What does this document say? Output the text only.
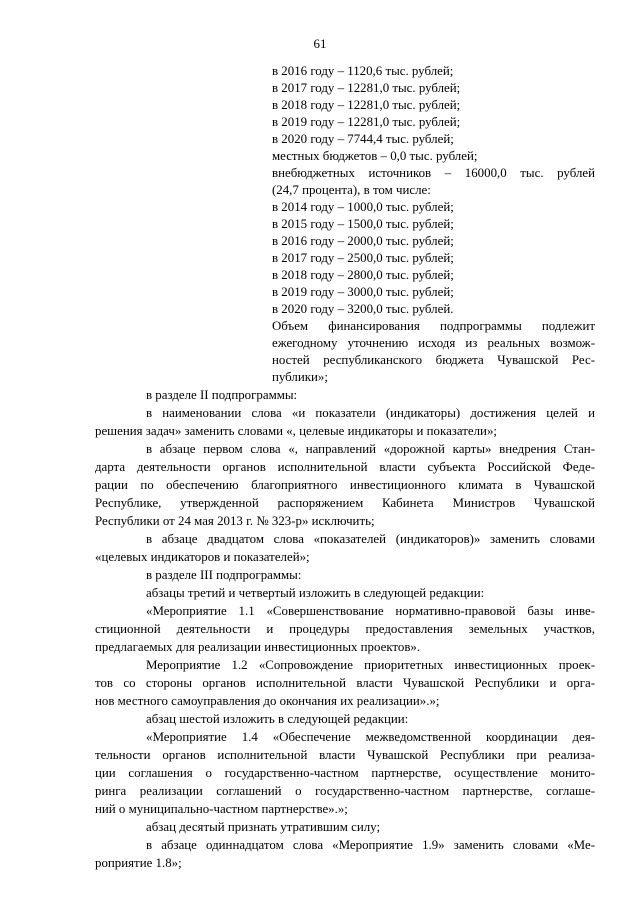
61
в 2016 году – 1120,6 тыс. рублей;
в 2017 году – 12281,0 тыс. рублей;
в 2018 году – 12281,0 тыс. рублей;
в 2019 году – 12281,0 тыс. рублей;
в 2020 году – 7744,4 тыс. рублей;
местных бюджетов – 0,0 тыс. рублей;
внебюджетных источников – 16000,0 тыс. рублей
(24,7 процента), в том числе:
в 2014 году – 1000,0 тыс. рублей;
в 2015 году – 1500,0 тыс. рублей;
в 2016 году – 2000,0 тыс. рублей;
в 2017 году – 2500,0 тыс. рублей;
в 2018 году – 2800,0 тыс. рублей;
в 2019 году – 3000,0 тыс. рублей;
в 2020 году – 3200,0 тыс. рублей.
Объем финансирования подпрограммы подлежит
ежегодному уточнению исходя из реальных возмож-
ностей республиканского бюджета Чувашской Рес-
публики»;
в разделе II подпрограммы:
в наименовании слова «и показатели (индикаторы) достижения целей и
решения задач» заменить словами «, целевые индикаторы и показатели»;
в абзаце первом слова «, направлений «дорожной карты» внедрения Стан-
дарта деятельности органов исполнительной власти субъекта Российской Феде-
рации по обеспечению благоприятного инвестиционного климата в Чувашской
Республике, утвержденной распоряжением Кабинета Министров Чувашской
Республики от 24 мая 2013 г. № 323-р» исключить;
в абзаце двадцатом слова «показателей (индикаторов)» заменить словами
«целевых индикаторов и показателей»;
в разделе III подпрограммы:
абзацы третий и четвертый изложить в следующей редакции:
«Мероприятие 1.1 «Совершенствование нормативно-правовой базы инве-
стиционной деятельности и процедуры предоставления земельных участков,
предлагаемых для реализации инвестиционных проектов».
Мероприятие 1.2 «Сопровождение приоритетных инвестиционных проек-
тов со стороны органов исполнительной власти Чувашской Республики и орга-
нов местного самоуправления до окончания их реализации».»;
абзац шестой изложить в следующей редакции:
«Мероприятие 1.4 «Обеспечение межведомственной координации дея-
тельности органов исполнительной власти Чувашской Республики при реализа-
ции соглашения о государственно-частном партнерстве, осуществление монито-
ринга реализации соглашений о государственно-частном партнерстве, соглаше-
ний о муниципально-частном партнерстве».»;
абзац десятый признать утратившим силу;
в абзаце одиннадцатом слова «Мероприятие 1.9» заменить словами «Ме-
роприятие 1.8»;
